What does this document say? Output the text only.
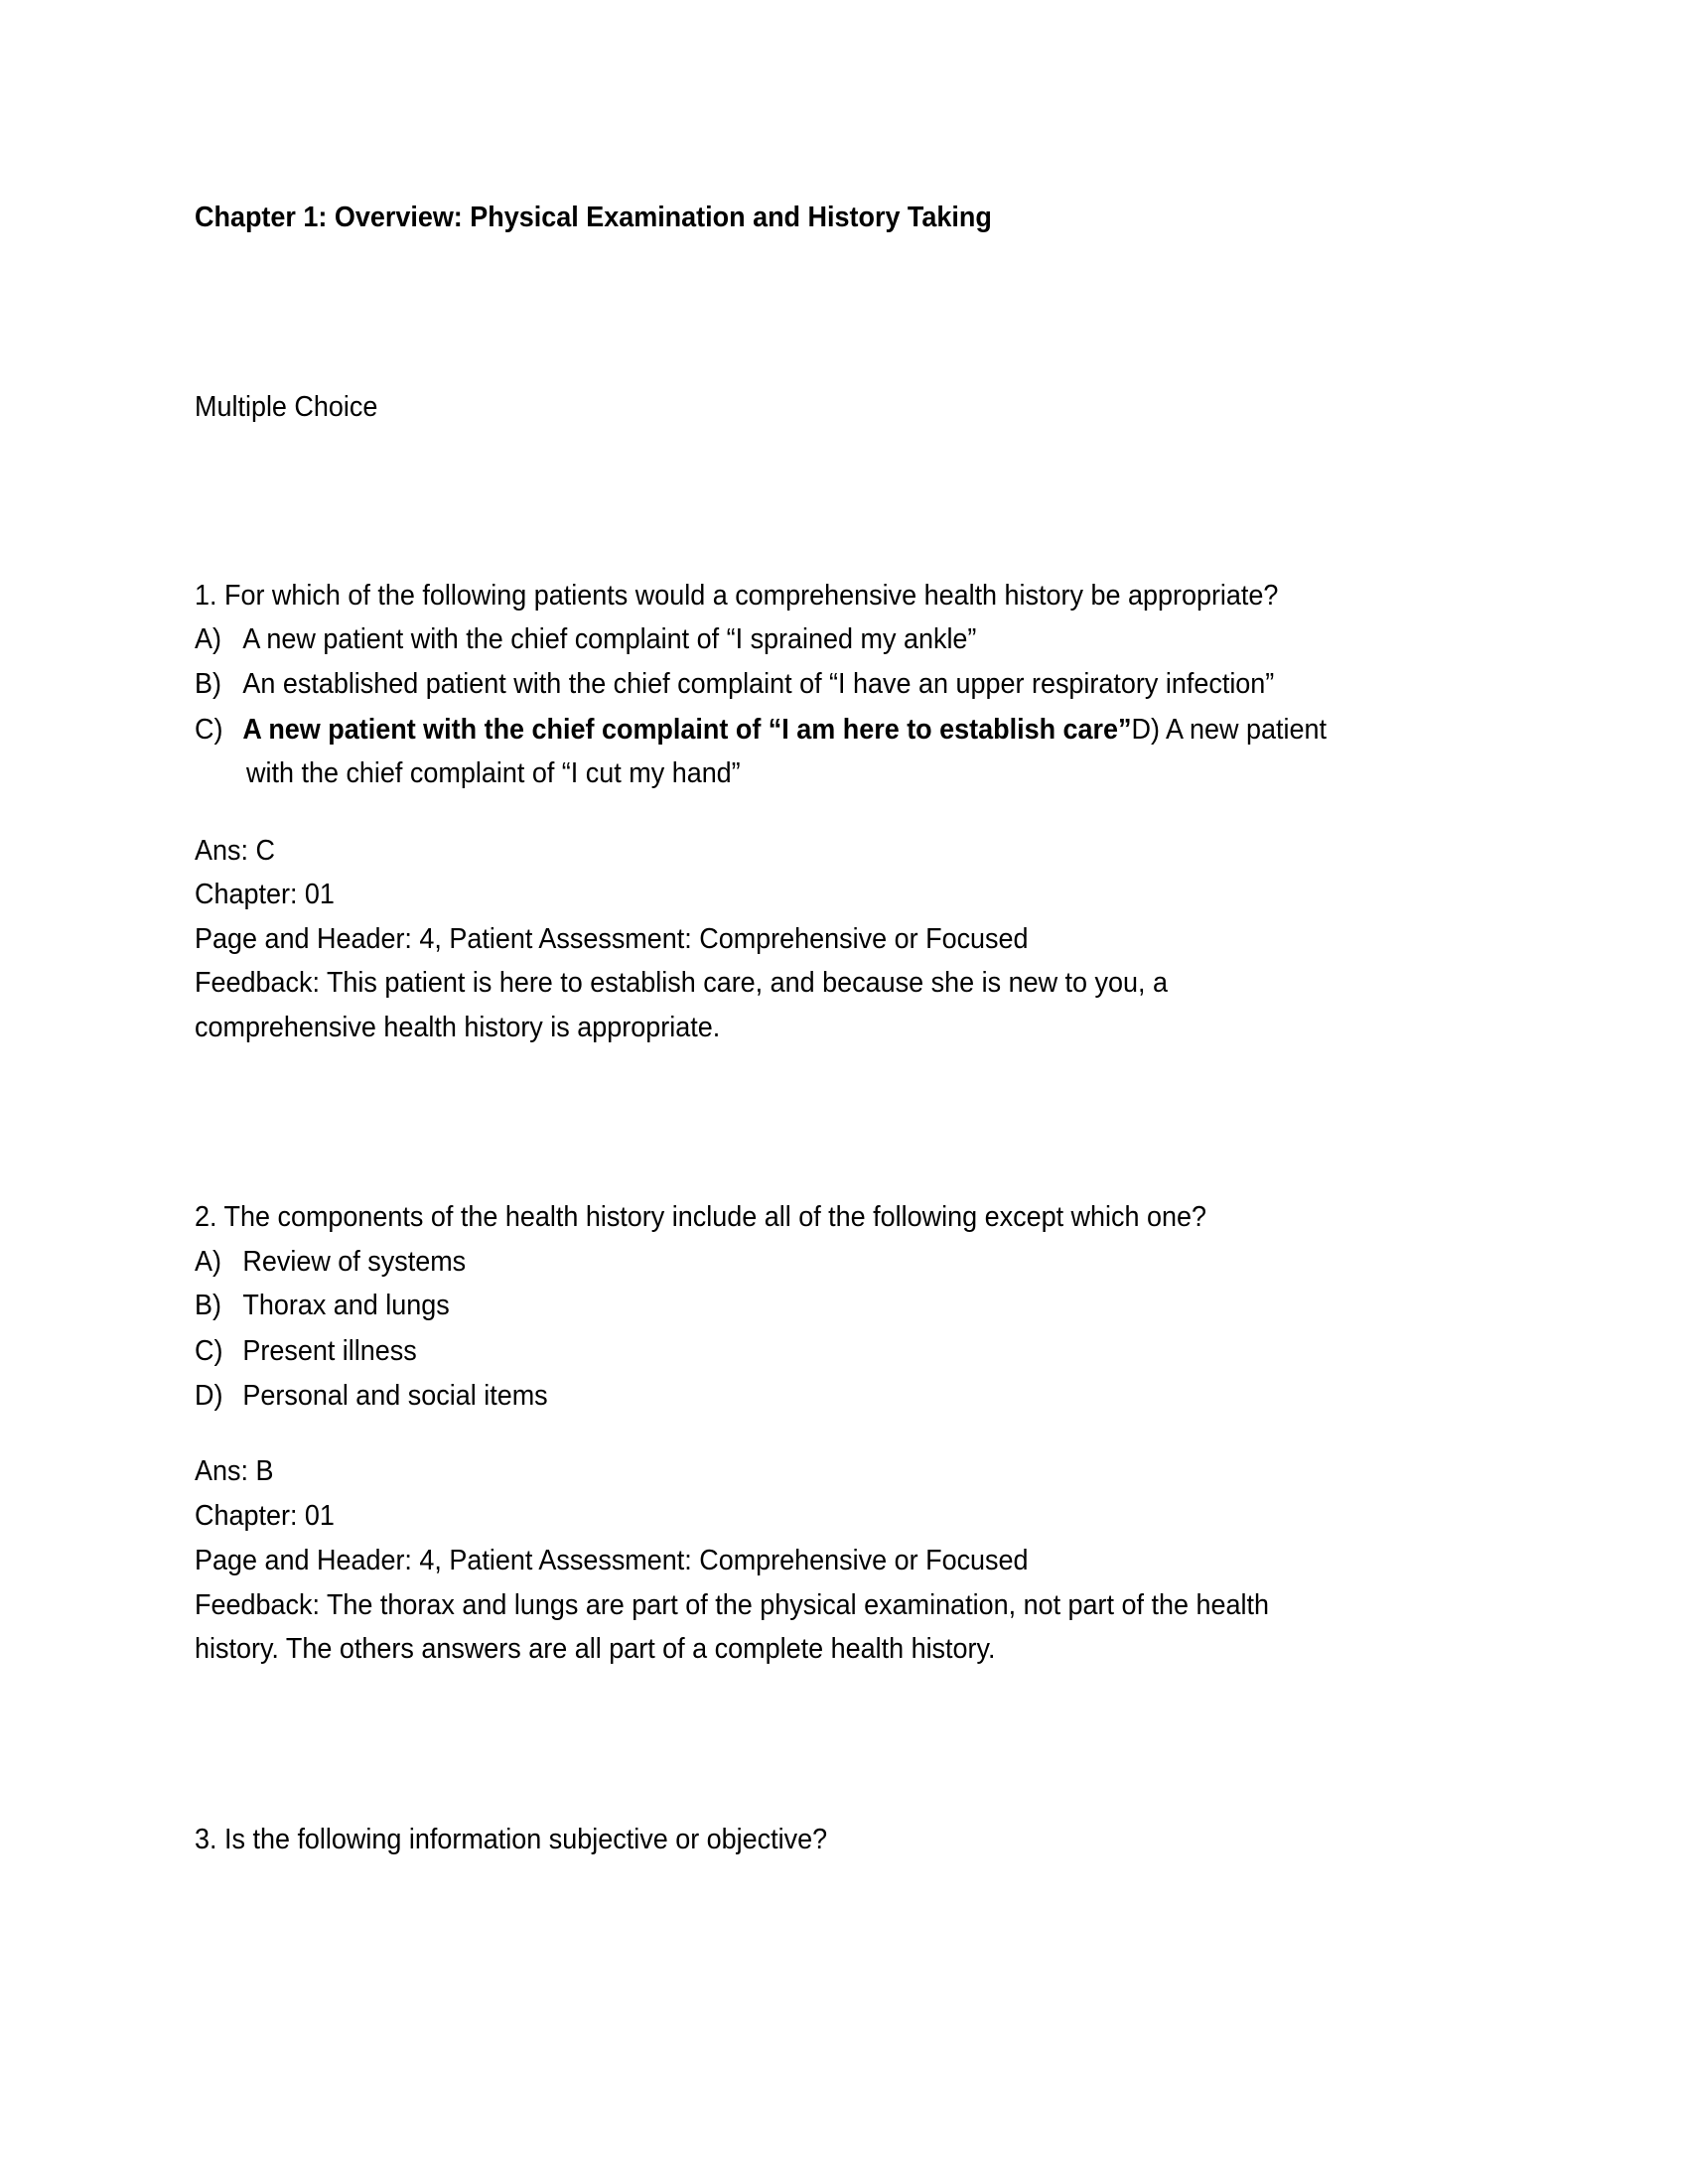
Chapter 1: Overview: Physical Examination and History Taking
Multiple Choice
1. For which of the following patients would a comprehensive health history be appropriate?
A) A new patient with the chief complaint of “I sprained my ankle”
B) An established patient with the chief complaint of “I have an upper respiratory infection”
C) A new patient with the chief complaint of “I am here to establish care”D) A new patient
with the chief complaint of “I cut my hand”
Ans: C
Chapter: 01
Page and Header: 4, Patient Assessment: Comprehensive or Focused
Feedback: This patient is here to establish care, and because she is new to you, a
comprehensive health history is appropriate.
2. The components of the health history include all of the following except which one?
A) Review of systems
B) Thorax and lungs
C) Present illness
D) Personal and social items
Ans: B
Chapter: 01
Page and Header: 4, Patient Assessment: Comprehensive or Focused
Feedback: The thorax and lungs are part of the physical examination, not part of the health
history. The others answers are all part of a complete health history.
3. Is the following information subjective or objective?
